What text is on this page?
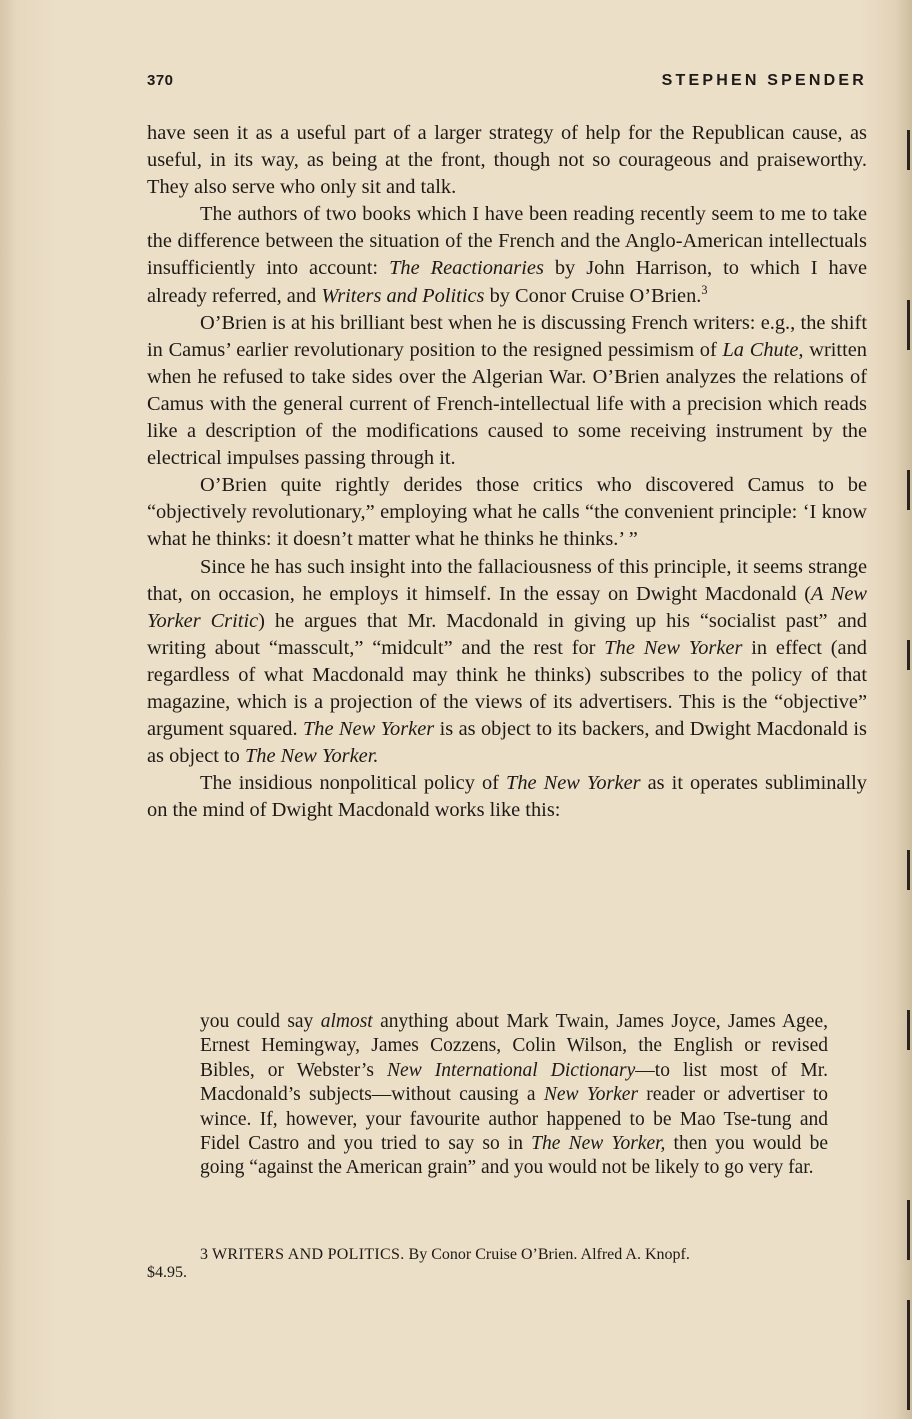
370	STEPHEN SPENDER

have seen it as a useful part of a larger strategy of help for the Republican cause, as useful, in its way, as being at the front, though not so courageous and praiseworthy. They also serve who only sit and talk.

The authors of two books which I have been reading recently seem to me to take the difference between the situation of the French and the Anglo-American intellectuals insufficiently into account: The Reactionaries by John Harrison, to which I have already referred, and Writers and Politics by Conor Cruise O’Brien.$^3$

O’Brien is at his brilliant best when he is discussing French writers: e.g., the shift in Camus’ earlier revolutionary position to the resigned pessimism of La Chute, written when he refused to take sides over the Algerian War. O’Brien analyzes the relations of Camus with the general current of French-intellectual life with a precision which reads like a description of the modifications caused to some receiving instrument by the electrical impulses passing through it.

O’Brien quite rightly derides those critics who discovered Camus to be “objectively revolutionary,” employing what he calls “the convenient principle: ‘I know what he thinks: it doesn’t matter what he thinks he thinks.’ ”

Since he has such insight into the fallaciousness of this principle, it seems strange that, on occasion, he employs it himself. In the essay on Dwight Macdonald (A New Yorker Critic) he argues that Mr. Macdonald in giving up his “socialist past” and writing about “masscult,” “midcult” and the rest for The New Yorker in effect (and regardless of what Macdonald may think he thinks) subscribes to the policy of that magazine, which is a projection of the views of its advertisers. This is the “objective” argument squared. The New Yorker is as object to its backers, and Dwight Macdonald is as object to The New Yorker.

The insidious nonpolitical policy of The New Yorker as it operates subliminally on the mind of Dwight Macdonald works like this:

you could say almost anything about Mark Twain, James Joyce, James Agee, Ernest Hemingway, James Cozzens, Colin Wilson, the English or revised Bibles, or Webster’s New International Dictionary—to list most of Mr. Macdonald’s subjects—without causing a New Yorker reader or advertiser to wince. If, however, your favourite author happened to be Mao Tse-tung and Fidel Castro and you tried to say so in The New Yorker, then you would be going “against the American grain” and you would not be likely to go very far.

3 WRITERS AND POLITICS. By Conor Cruise O’Brien. Alfred A. Knopf.
$4.95.
